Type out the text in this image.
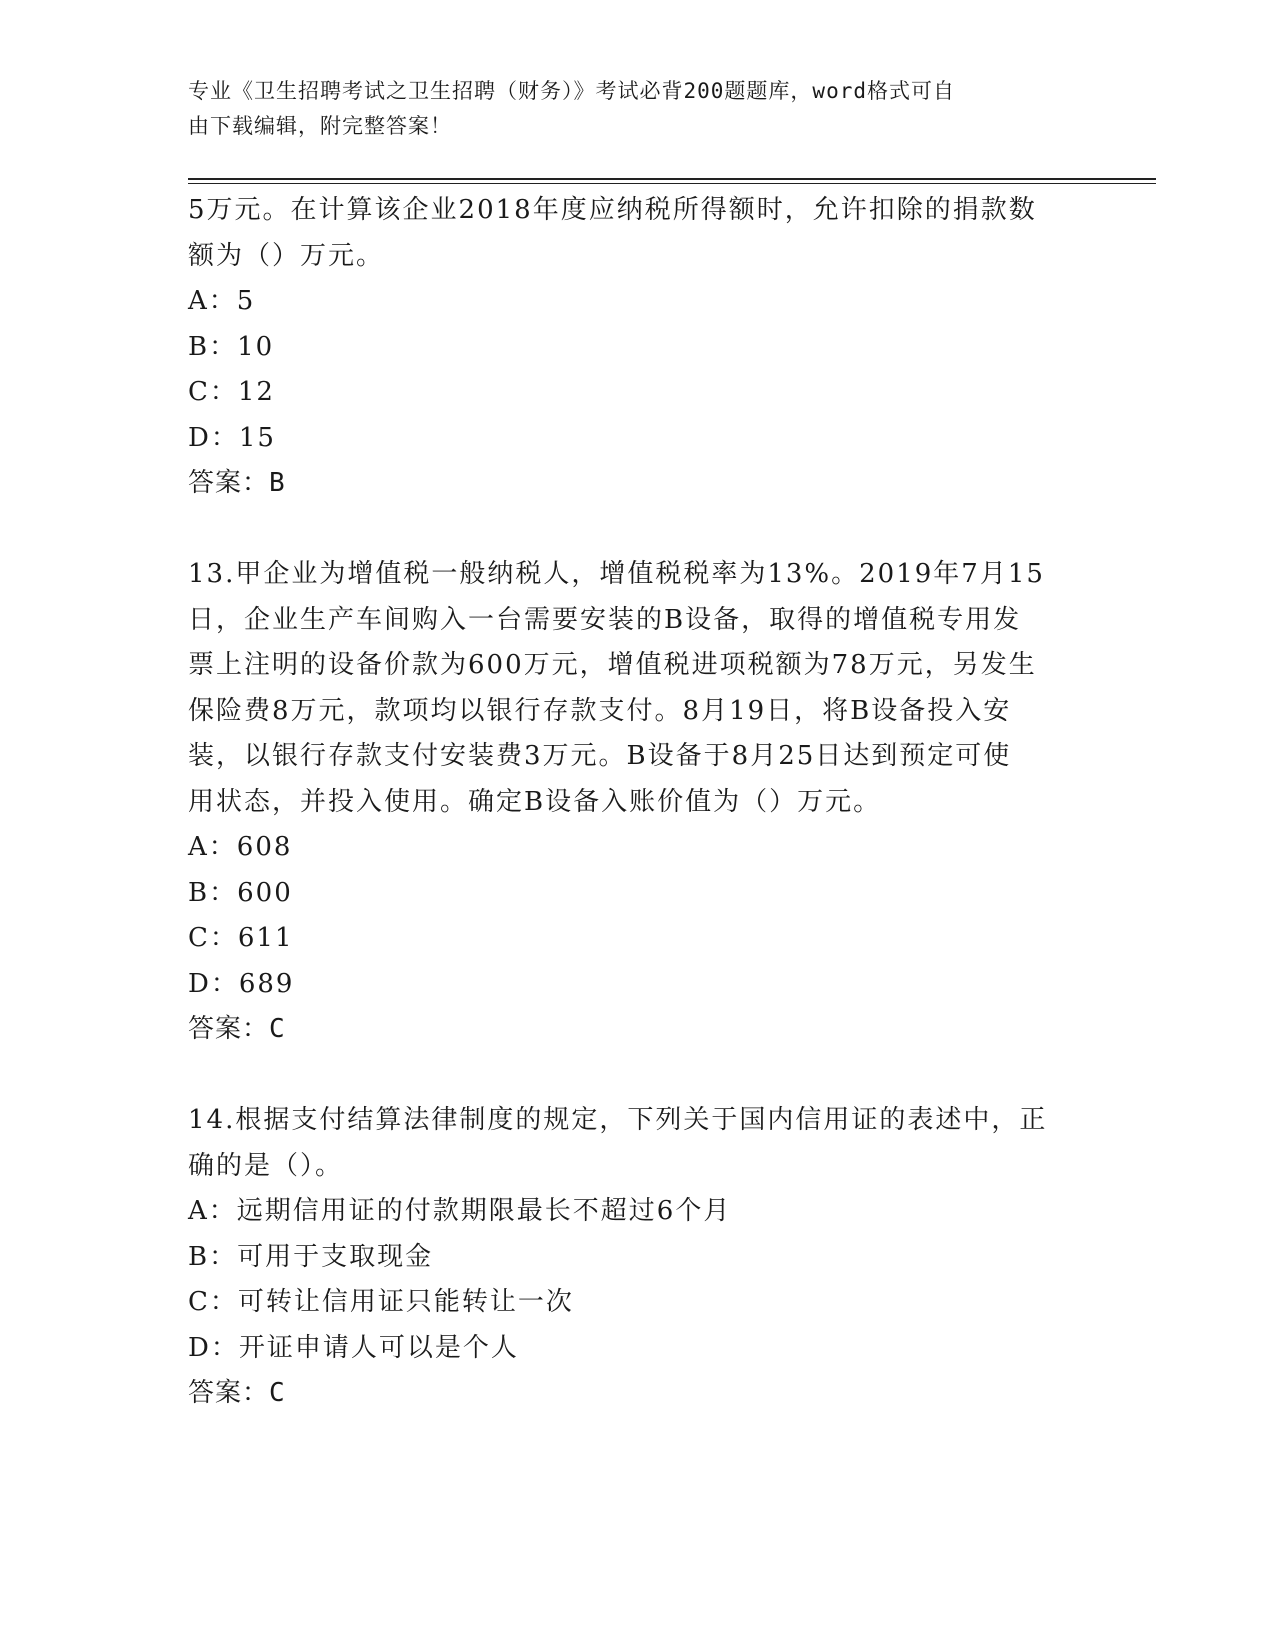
专业《卫生招聘考试之卫生招聘（财务）》考试必背200题题库，word格式可自
由下载编辑，附完整答案！
5万元。在计算该企业2018年度应纳税所得额时，允许扣除的捐款数
额为（）万元。
A：5
B：10
C：12
D：15
答案：B
13.甲企业为增值税一般纳税人，增值税税率为13%。2019年7月15
日，企业生产车间购入一台需要安装的B设备，取得的增值税专用发
票上注明的设备价款为600万元，增值税进项税额为78万元，另发生
保险费8万元，款项均以银行存款支付。8月19日，将B设备投入安
装，以银行存款支付安装费3万元。B设备于8月25日达到预定可使
用状态，并投入使用。确定B设备入账价值为（）万元。
A：608
B：600
C：611
D：689
答案：C
14.根据支付结算法律制度的规定，下列关于国内信用证的表述中，正
确的是（）。
A：远期信用证的付款期限最长不超过6个月
B：可用于支取现金
C：可转让信用证只能转让一次
D：开证申请人可以是个人
答案：C
